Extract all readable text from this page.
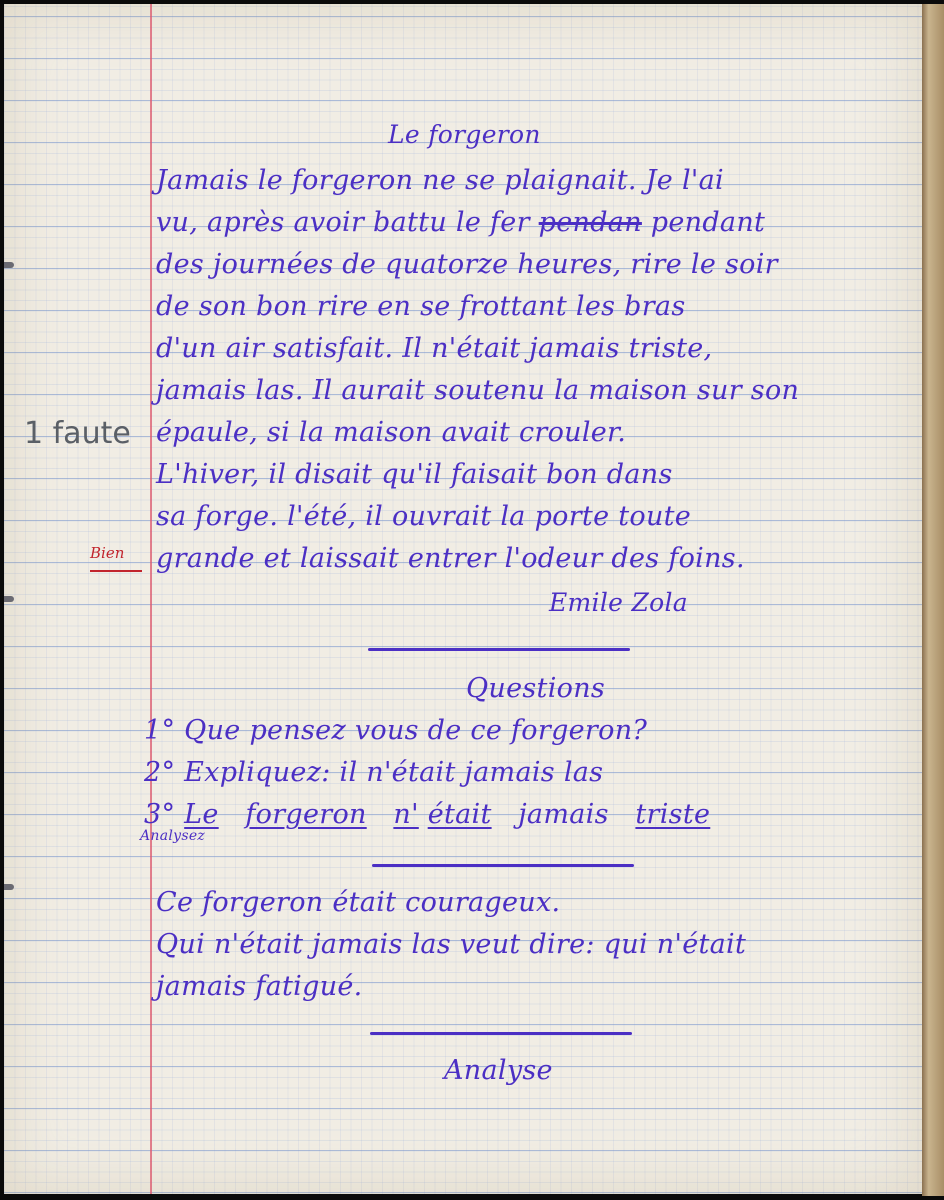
Le forgeron
Jamais le forgeron ne se plaignait. Je l'ai
vu, après avoir battu le fer pendan pendant
des journées de quatorze heures, rire le soir
de son bon rire en se frottant les bras
d'un air satisfait. Il n'était jamais triste,
jamais las. Il aurait soutenu la maison sur son
épaule, si la maison avait crouler.
L'hiver, il disait qu'il faisait bon dans
sa forge. l'été, il ouvrait la porte toute
grande et laissait entrer l'odeur des foins.
Emile Zola
Questions
1° Que pensez vous de ce forgeron?
2° Expliquez: il n'était jamais las
3° Le forgeron n' était jamais triste
Analysez
Ce forgeron était courageux.
Qui n'était jamais las veut dire: qui n'était
jamais fatigué.
Analyse
1 faute
Bien
